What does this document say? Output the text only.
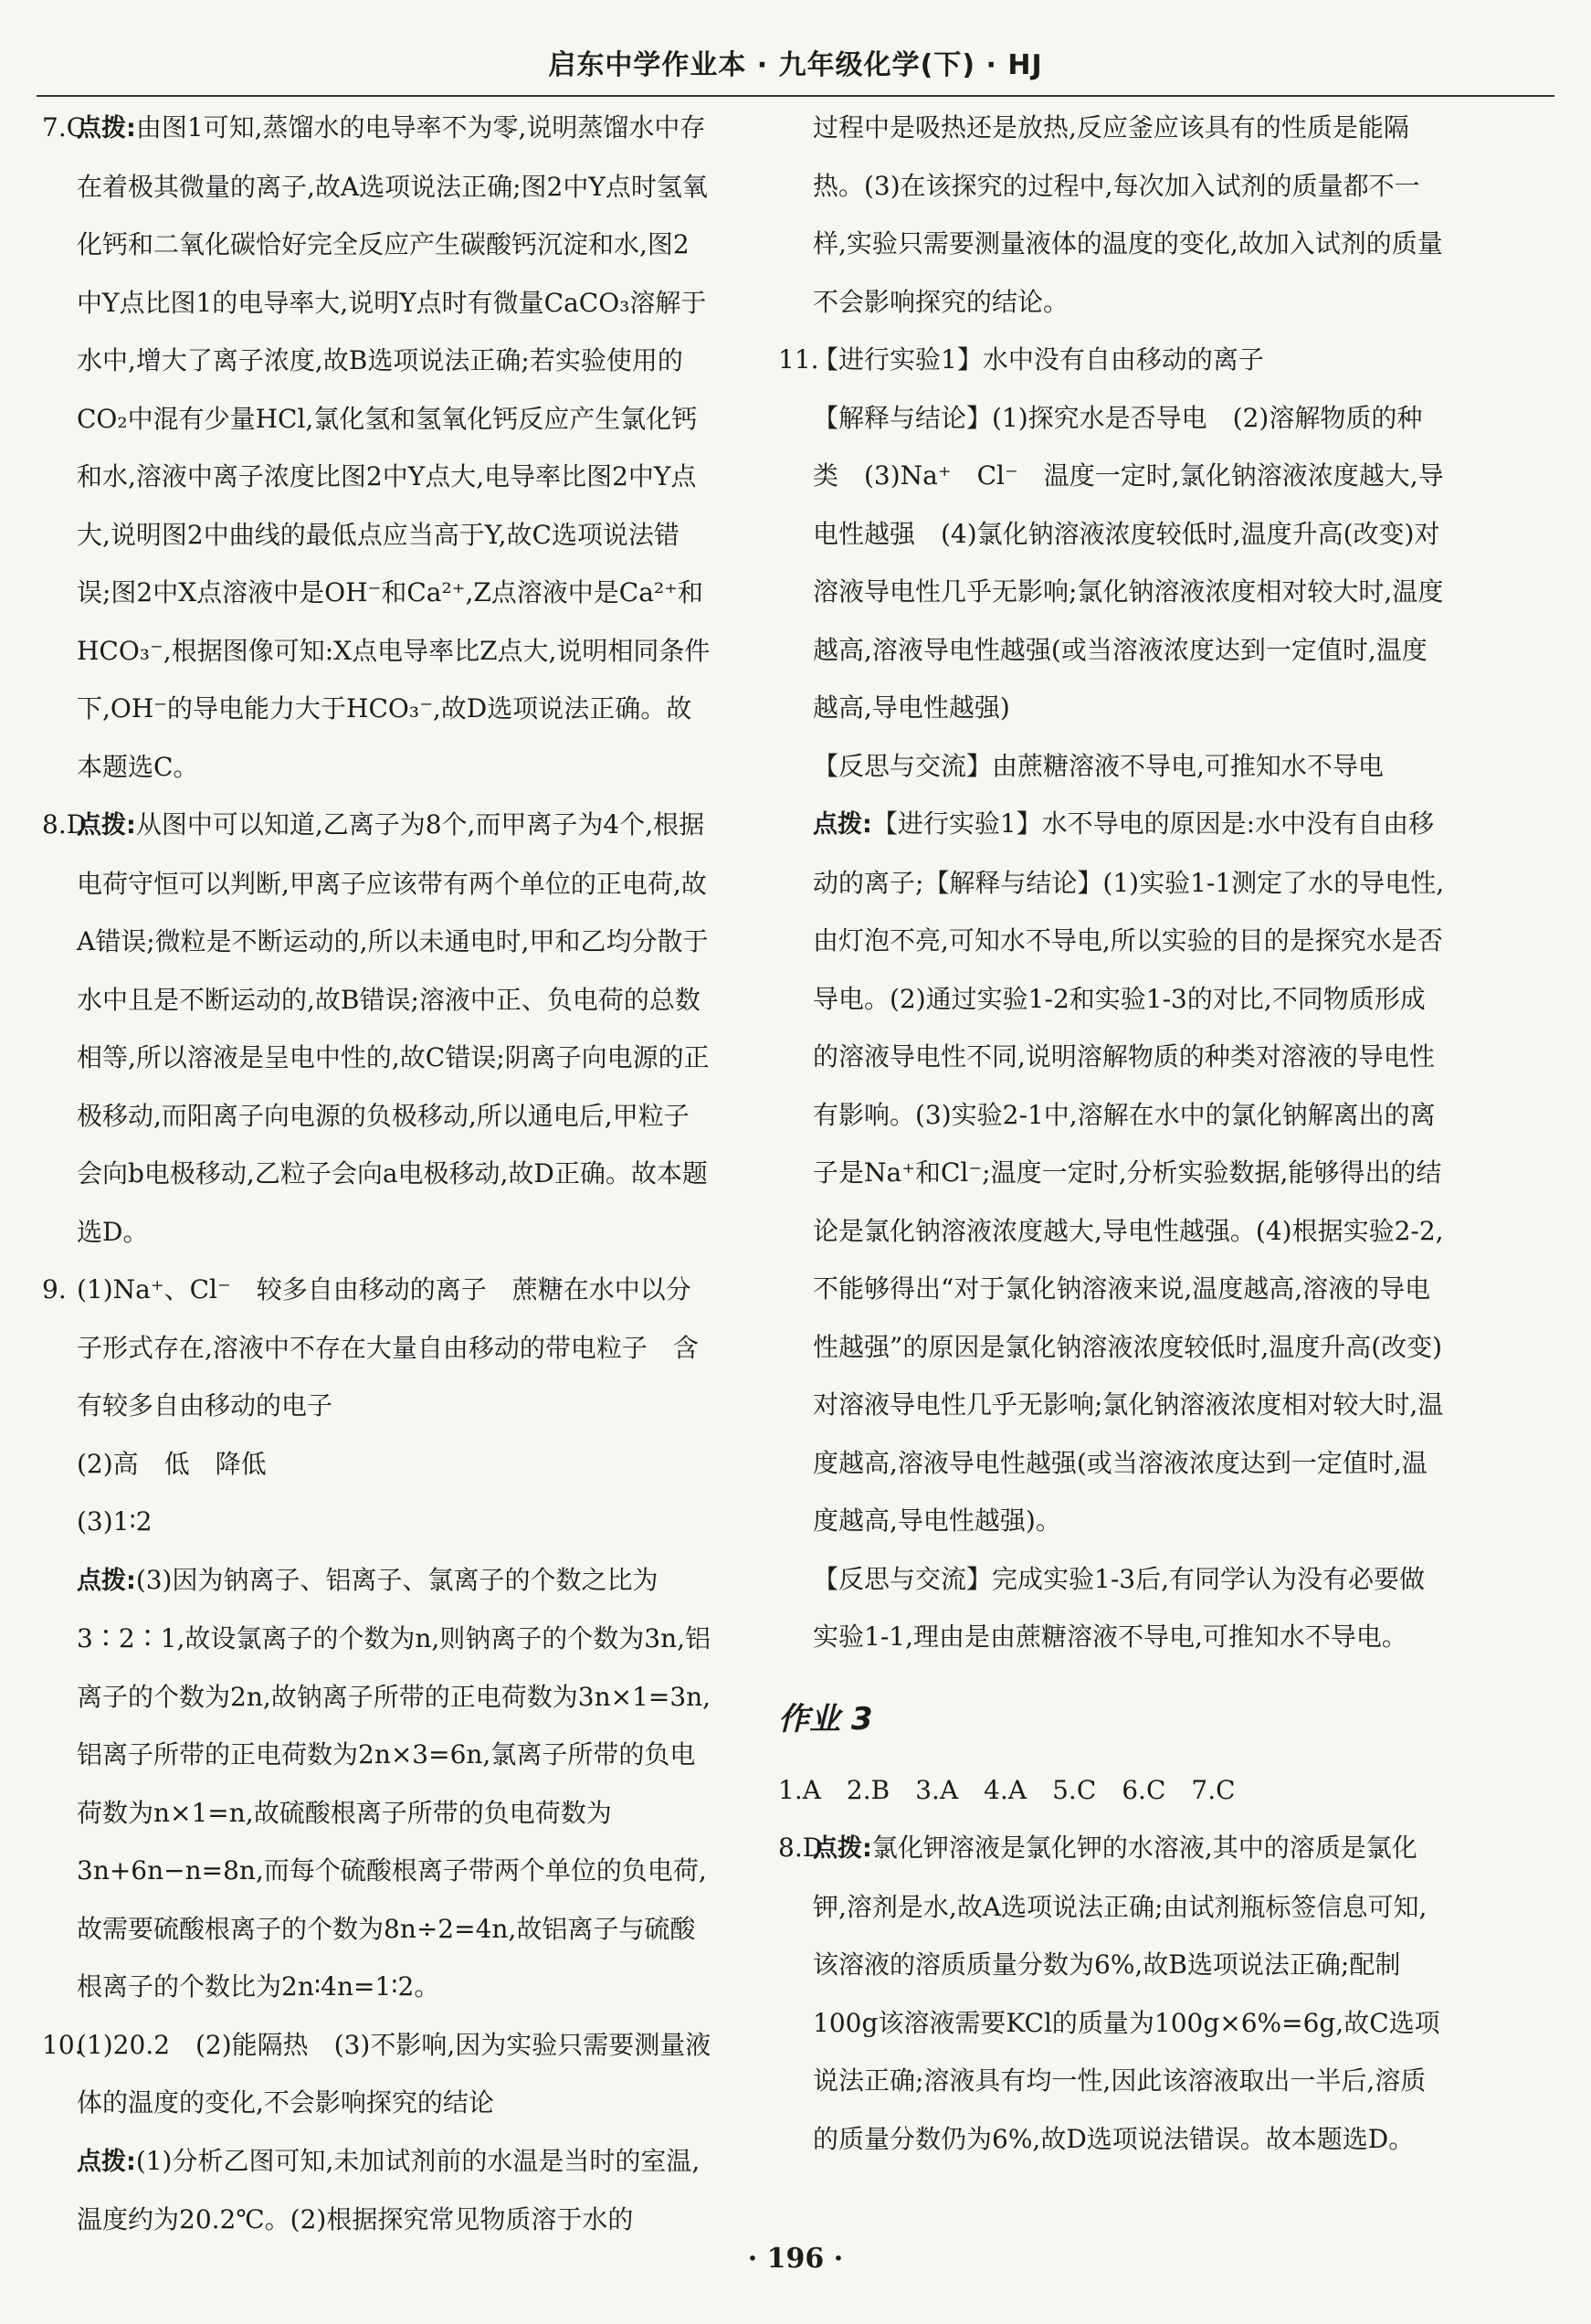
启东中学作业本 · 九年级化学(下) · HJ
7.C
点拨:由图1可知,蒸馏水的电导率不为零,说明蒸馏水中存在着极其微量的离子,故A选项说法正确;图2中Y点时氢氧化钙和二氧化碳恰好完全反应产生碳酸钙沉淀和水,图2中Y点比图1的电导率大,说明Y点时有微量CaCO₃溶解于水中,增大了离子浓度,故B选项说法正确;若实验使用的CO₂中混有少量HCl,氯化氢和氢氧化钙反应产生氯化钙和水,溶液中离子浓度比图2中Y点大,电导率比图2中Y点大,说明图2中曲线的最低点应当高于Y,故C选项说法错误;图2中X点溶液中是OH⁻和Ca²⁺,Z点溶液中是Ca²⁺和HCO₃⁻,根据图像可知:X点电导率比Z点大,说明相同条件下,OH⁻的导电能力大于HCO₃⁻,故D选项说法正确。故本题选C。
8.D
点拨:从图中可以知道,乙离子为8个,而甲离子为4个,根据电荷守恒可以判断,甲离子应该带有两个单位的正电荷,故A错误;微粒是不断运动的,所以未通电时,甲和乙均分散于水中且是不断运动的,故B错误;溶液中正、负电荷的总数相等,所以溶液是呈电中性的,故C错误;阴离子向电源的正极移动,而阳离子向电源的负极移动,所以通电后,甲粒子会向b电极移动,乙粒子会向a电极移动,故D正确。故本题选D。
9. (1)Na⁺、Cl⁻　较多自由移动的离子　蔗糖在水中以分子形式存在,溶液中不存在大量自由移动的带电粒子　含有较多自由移动的电子
(2)高　低　降低
(3)1∶2
点拨:(3)因为钠离子、铝离子、氯离子的个数之比为3∶2∶1,故设氯离子的个数为n,则钠离子的个数为3n,铝离子的个数为2n,故钠离子所带的正电荷数为3n×1=3n,铝离子所带的正电荷数为2n×3=6n,氯离子所带的负电荷数为n×1=n,故硫酸根离子所带的负电荷数为3n+6n−n=8n,而每个硫酸根离子带两个单位的负电荷,故需要硫酸根离子的个数为8n÷2=4n,故铝离子与硫酸根离子的个数比为2n∶4n=1∶2。
10.
(1)20.2　(2)能隔热　(3)不影响,因为实验只需要测量液体的温度的变化,不会影响探究的结论
点拨:(1)分析乙图可知,未加试剂前的水温是当时的室温,温度约为20.2℃。(2)根据探究常见物质溶于水的
过程中是吸热还是放热,反应釜应该具有的性质是能隔热。(3)在该探究的过程中,每次加入试剂的质量都不一样,实验只需要测量液体的温度的变化,故加入试剂的质量不会影响探究的结论。
11.
【进行实验1】水中没有自由移动的离子
【解释与结论】(1)探究水是否导电　(2)溶解物质的种类　(3)Na⁺　Cl⁻　温度一定时,氯化钠溶液浓度越大,导电性越强　(4)氯化钠溶液浓度较低时,温度升高(改变)对溶液导电性几乎无影响;氯化钠溶液浓度相对较大时,温度越高,溶液导电性越强(或当溶液浓度达到一定值时,温度越高,导电性越强)
【反思与交流】由蔗糖溶液不导电,可推知水不导电
点拨:【进行实验1】水不导电的原因是:水中没有自由移动的离子;【解释与结论】(1)实验1-1测定了水的导电性,由灯泡不亮,可知水不导电,所以实验的目的是探究水是否导电。(2)通过实验1-2和实验1-3的对比,不同物质形成的溶液导电性不同,说明溶解物质的种类对溶液的导电性有影响。(3)实验2-1中,溶解在水中的氯化钠解离出的离子是Na⁺和Cl⁻;温度一定时,分析实验数据,能够得出的结论是氯化钠溶液浓度越大,导电性越强。(4)根据实验2-2,不能够得出“对于氯化钠溶液来说,温度越高,溶液的导电性越强”的原因是氯化钠溶液浓度较低时,温度升高(改变)对溶液导电性几乎无影响;氯化钠溶液浓度相对较大时,温度越高,溶液导电性越强(或当溶液浓度达到一定值时,温度越高,导电性越强)。
【反思与交流】完成实验1-3后,有同学认为没有必要做实验1-1,理由是由蔗糖溶液不导电,可推知水不导电。
作业 3
1.A　2.B　3.A　4.A　5.C　6.C　7.C
8.D
点拨:氯化钾溶液是氯化钾的水溶液,其中的溶质是氯化钾,溶剂是水,故A选项说法正确;由试剂瓶标签信息可知,该溶液的溶质质量分数为6%,故B选项说法正确;配制100g该溶液需要KCl的质量为100g×6%=6g,故C选项说法正确;溶液具有均一性,因此该溶液取出一半后,溶质的质量分数仍为6%,故D选项说法错误。故本题选D。
· 196 ·
